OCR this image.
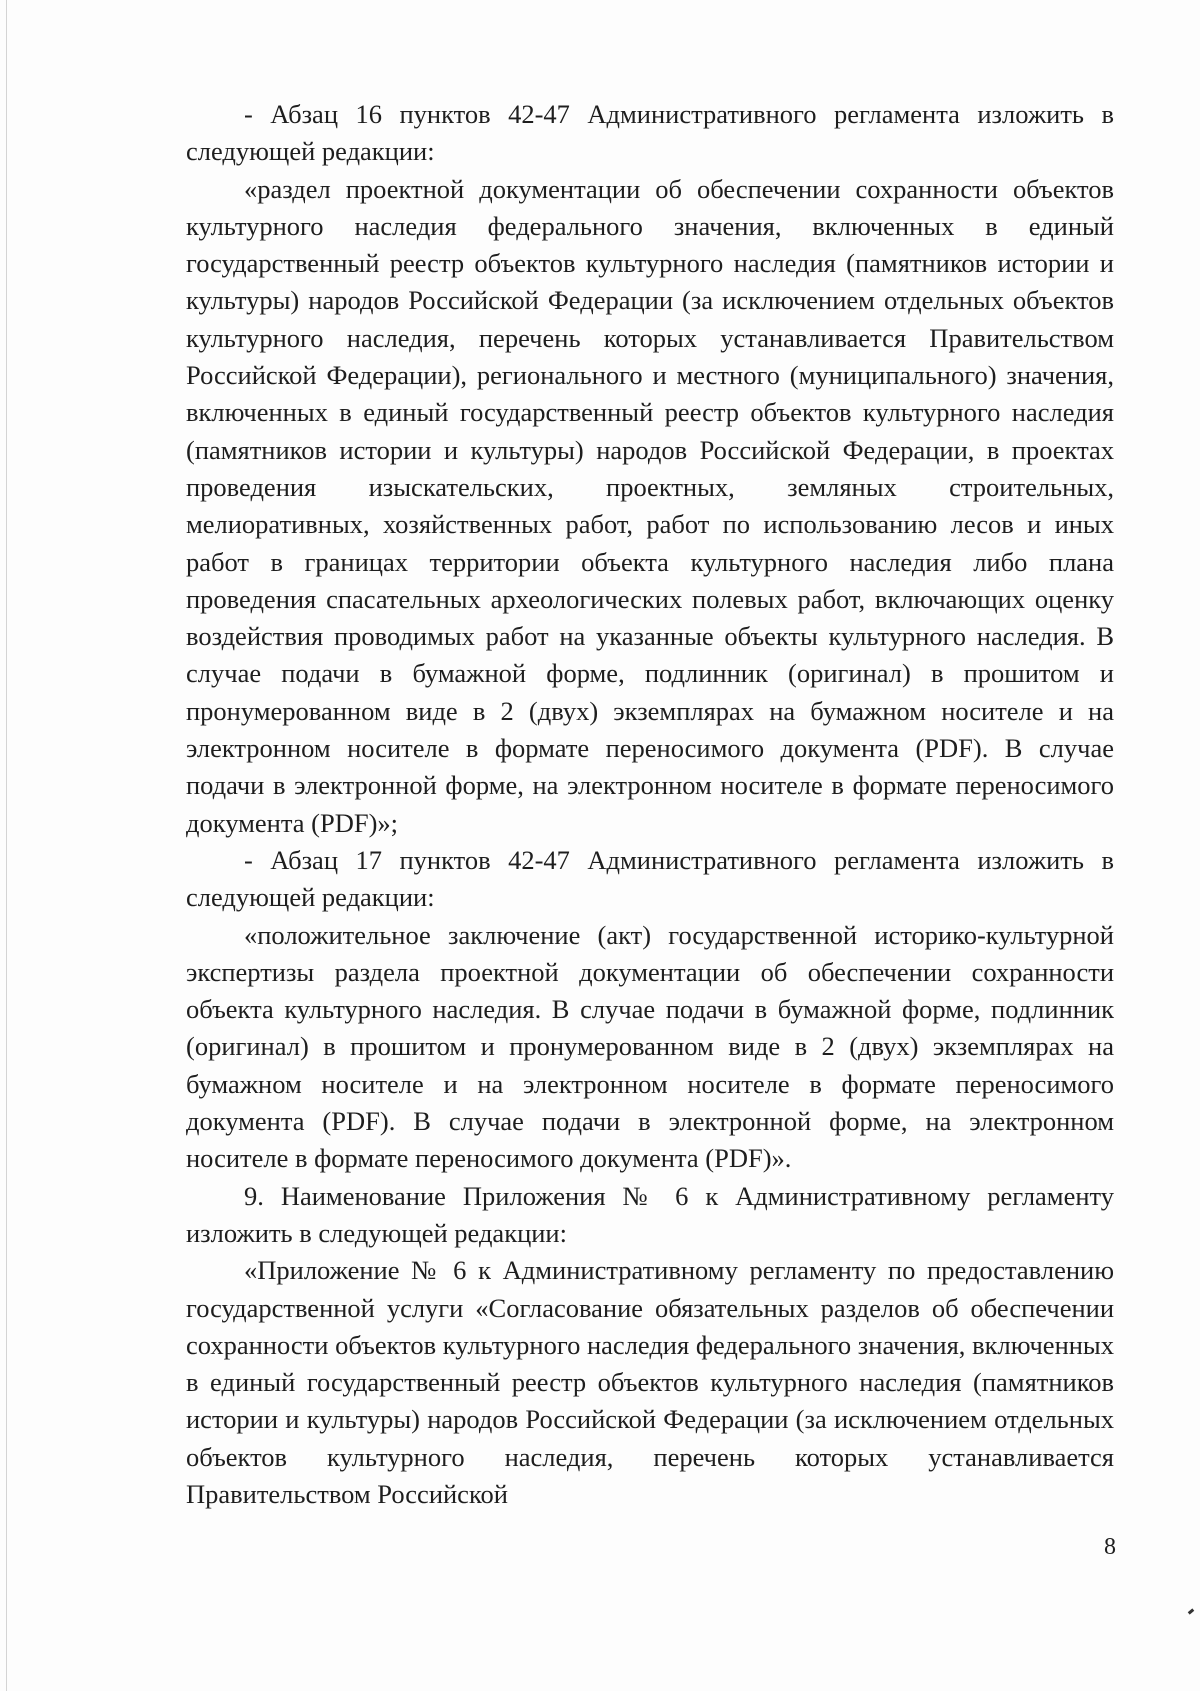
- Абзац 16 пунктов 42-47 Административного регламента изложить в следующей редакции:

«раздел проектной документации об обеспечении сохранности объектов культурного наследия федерального значения, включенных в единый государственный реестр объектов культурного наследия (памятников истории и культуры) народов Российской Федерации (за исключением отдельных объектов культурного наследия, перечень которых устанавливается Правительством Российской Федерации), регионального и местного (муниципального) значения, включенных в единый государственный реестр объектов культурного наследия (памятников истории и культуры) народов Российской Федерации, в проектах проведения изыскательских, проектных, земляных строительных, мелиоративных, хозяйственных работ, работ по использованию лесов и иных работ в границах территории объекта культурного наследия либо плана проведения спасательных археологических полевых работ, включающих оценку воздействия проводимых работ на указанные объекты культурного наследия. В случае подачи в бумажной форме, подлинник (оригинал) в прошитом и пронумерованном виде в 2 (двух) экземплярах на бумажном носителе и на электронном носителе в формате переносимого документа (PDF). В случае подачи в электронной форме, на электронном носителе в формате переносимого документа (PDF)»;

- Абзац 17 пунктов 42-47 Административного регламента изложить в следующей редакции:

«положительное заключение (акт) государственной историко-культурной экспертизы раздела проектной документации об обеспечении сохранности объекта культурного наследия. В случае подачи в бумажной форме, подлинник (оригинал) в прошитом и пронумерованном виде в 2 (двух) экземплярах на бумажном носителе и на электронном носителе в формате переносимого документа (PDF). В случае подачи в электронной форме, на электронном носителе в формате переносимого документа (PDF)».

9. Наименование Приложения № 6 к Административному регламенту изложить в следующей редакции:

«Приложение № 6 к Административному регламенту по предоставлению государственной услуги «Согласование обязательных разделов об обеспечении сохранности объектов культурного наследия федерального значения, включенных в единый государственный реестр объектов культурного наследия (памятников истории и культуры) народов Российской Федерации (за исключением отдельных объектов культурного наследия, перечень которых устанавливается Правительством Российской

8
